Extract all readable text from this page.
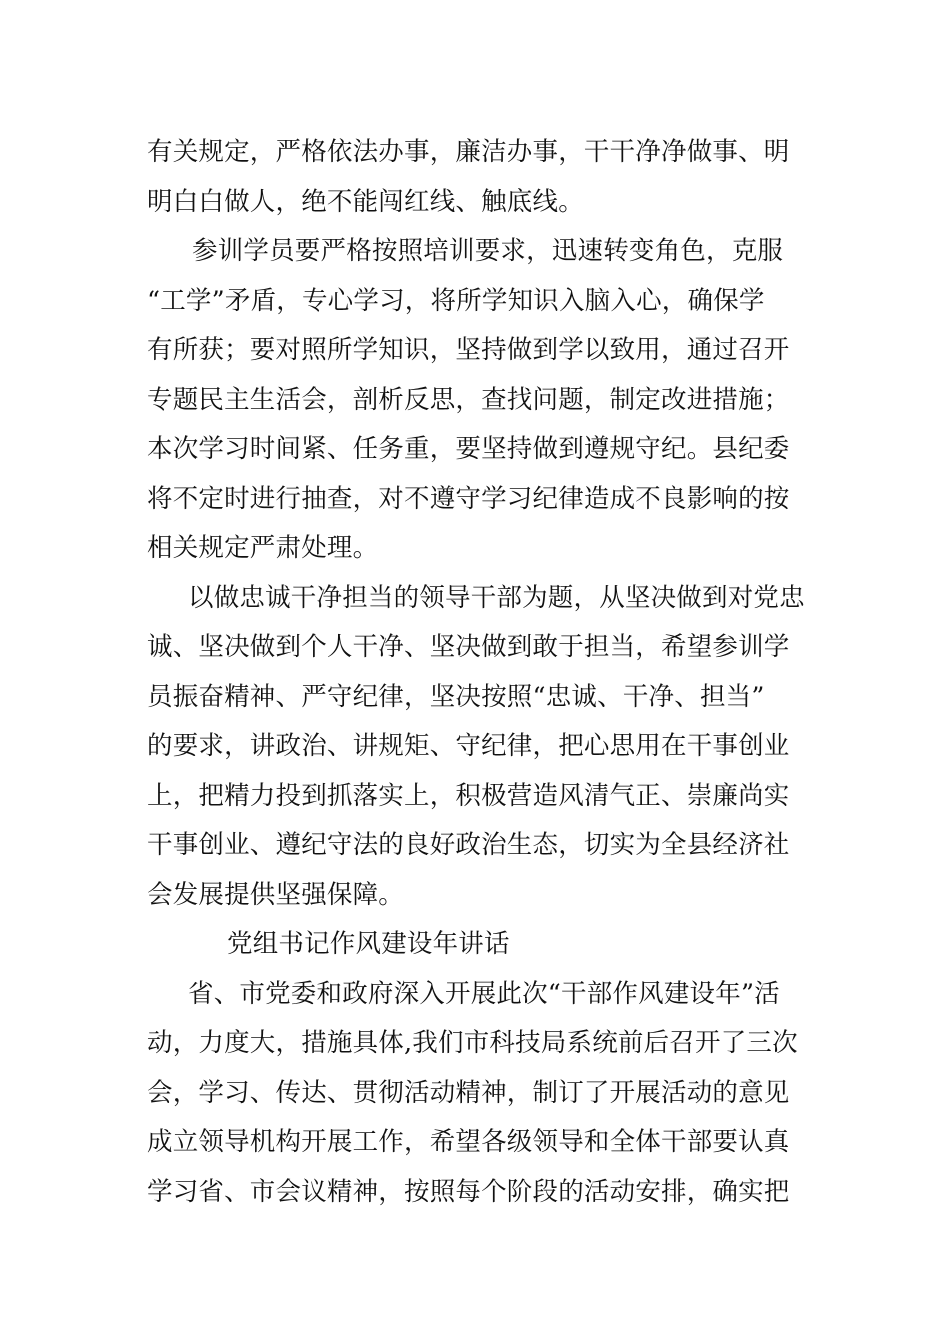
有关规定，严格依法办事，廉洁办事，干干净净做事、明
明白白做人，绝不能闯红线、触底线。
参训学员要严格按照培训要求，迅速转变角色，克服
“工学”矛盾，专心学习，将所学知识入脑入心，确保学
有所获；要对照所学知识，坚持做到学以致用，通过召开
专题民主生活会，剖析反思，查找问题，制定改进措施；
本次学习时间紧、任务重，要坚持做到遵规守纪。县纪委
将不定时进行抽查，对不遵守学习纪律造成不良影响的按
相关规定严肃处理。
以做忠诚干净担当的领导干部为题，从坚决做到对党忠
诚、坚决做到个人干净、坚决做到敢于担当，希望参训学
员振奋精神、严守纪律，坚决按照“忠诚、干净、担当”
的要求，讲政治、讲规矩、守纪律，把心思用在干事创业
上，把精力投到抓落实上，积极营造风清气正、崇廉尚实
干事创业、遵纪守法的良好政治生态，切实为全县经济社
会发展提供坚强保障。
党组书记作风建设年讲话
省、市党委和政府深入开展此次“干部作风建设年”活
动，力度大，措施具体,我们市科技局系统前后召开了三次
会，学习、传达、贯彻活动精神，制订了开展活动的意见
成立领导机构开展工作，希望各级领导和全体干部要认真
学习省、市会议精神，按照每个阶段的活动安排，确实把
